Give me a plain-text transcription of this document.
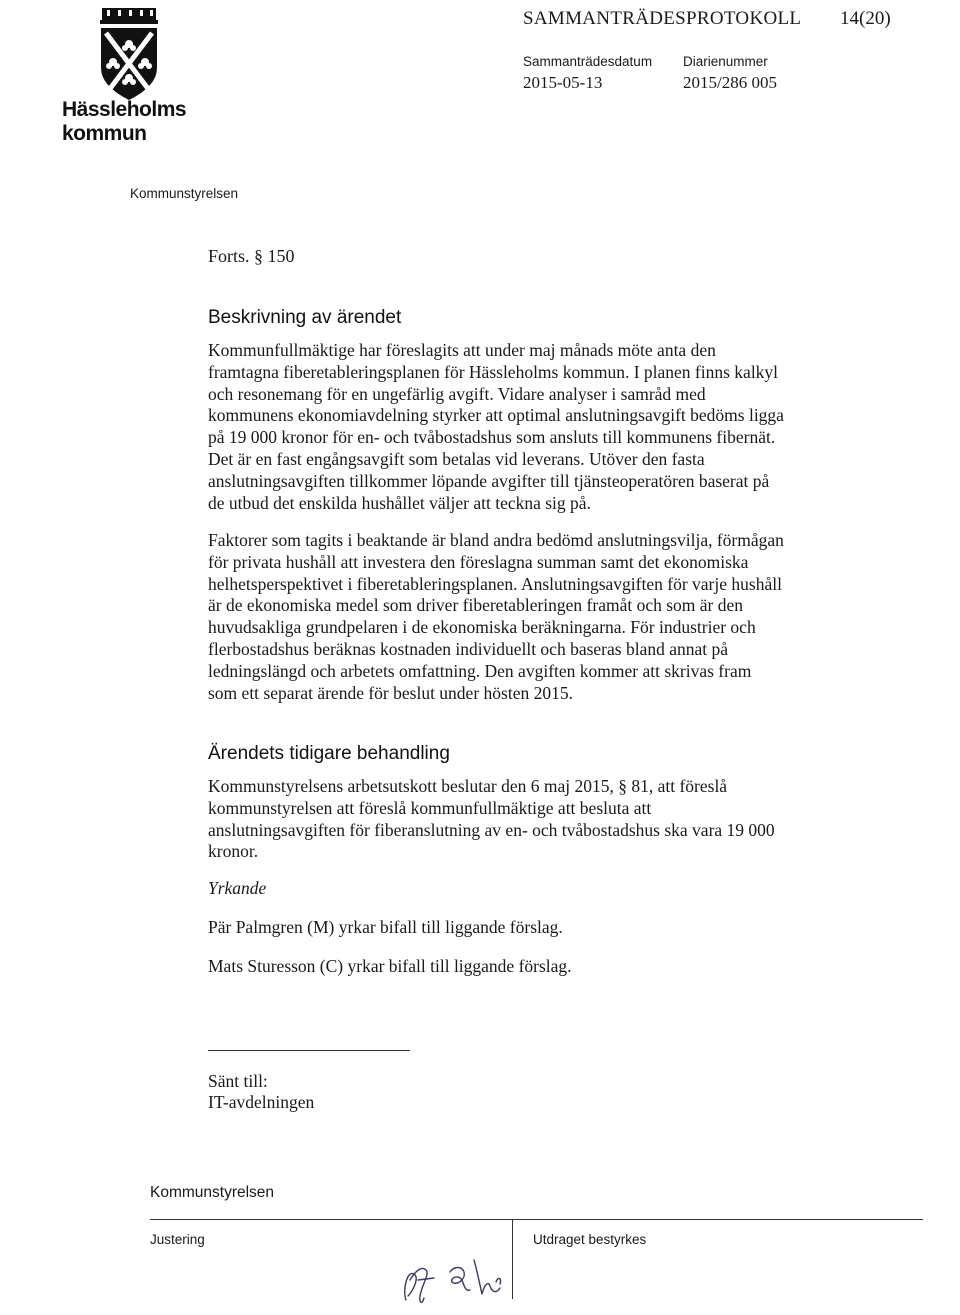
Hässleholms
kommun
SAMMANTRÄDESPROTOKOLL 14(20)
Sammanträdesdatum
2015-05-13
Diarienummer
2015/286 005
Kommunstyrelsen
Forts. § 150
Beskrivning av ärendet
Kommunfullmäktige har föreslagits att under maj månads möte anta den
framtagna fiberetableringsplanen för Hässleholms kommun. I planen finns kalkyl
och resonemang för en ungefärlig avgift. Vidare analyser i samråd med
kommunens ekonomiavdelning styrker att optimal anslutningsavgift bedöms ligga
på 19 000 kronor för en- och tvåbostadshus som ansluts till kommunens fibernät.
Det är en fast engångsavgift som betalas vid leverans. Utöver den fasta
anslutningsavgiften tillkommer löpande avgifter till tjänsteoperatören baserat på
de utbud det enskilda hushållet väljer att teckna sig på.
Faktorer som tagits i beaktande är bland andra bedömd anslutningsvilja, förmågan
för privata hushåll att investera den föreslagna summan samt det ekonomiska
helhetsperspektivet i fiberetableringsplanen. Anslutningsavgiften för varje hushåll
är de ekonomiska medel som driver fiberetableringen framåt och som är den
huvudsakliga grundpelaren i de ekonomiska beräkningarna. För industrier och
flerbostadshus beräknas kostnaden individuellt och baseras bland annat på
ledningslängd och arbetets omfattning. Den avgiften kommer att skrivas fram
som ett separat ärende för beslut under hösten 2015.
Ärendets tidigare behandling
Kommunstyrelsens arbetsutskott beslutar den 6 maj 2015, § 81, att föreslå
kommunstyrelsen att föreslå kommunfullmäktige att besluta att
anslutningsavgiften för fiberanslutning av en- och tvåbostadshus ska vara 19 000
kronor.
Yrkande
Pär Palmgren (M) yrkar bifall till liggande förslag.
Mats Sturesson (C) yrkar bifall till liggande förslag.
Sänt till:
IT-avdelningen
Kommunstyrelsen
Justering	Utdraget bestyrkes
